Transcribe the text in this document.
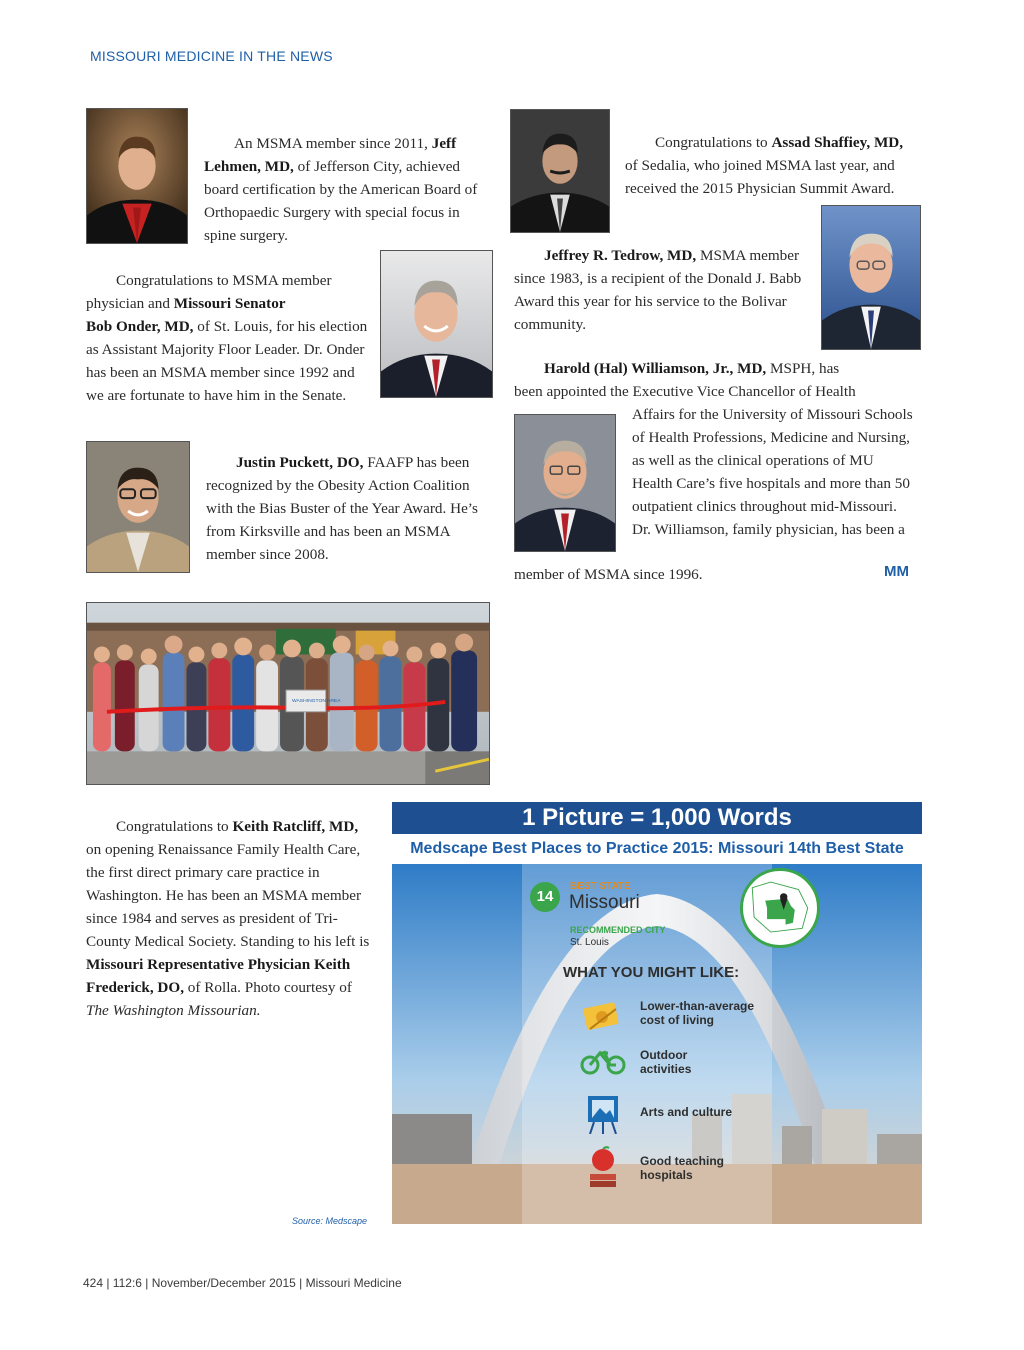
MISSOURI MEDICINE IN THE NEWS
An MSMA member since 2011, Jeff Lehmen, MD, of Jefferson City, achieved board certification by the American Board of Orthopaedic Surgery with special focus in spine surgery.
Congratulations to MSMA member physician and Missouri Senator
Bob Onder, MD, of St. Louis, for his election as Assistant Majority Floor Leader. Dr. Onder has been an MSMA member since 1992 and we are fortunate to have him in the Senate.
Justin Puckett, DO, FAAFP has been recognized by the Obesity Action Coalition with the Bias Buster of the Year Award. He’s from Kirksville and has been an MSMA member since 2008.
Congratulations to Assad Shaffiey, MD, of Sedalia, who joined MSMA last year, and received the 2015 Physician Summit Award.
Jeffrey R. Tedrow, MD, MSMA member since 1983, is a recipient of the Donald J. Babb Award this year for his service to the Bolivar community.
Harold (Hal) Williamson, Jr., MD, MSPH, has
been appointed the Executive Vice Chancellor of Health
Affairs for the University of Missouri Schools of Health Professions, Medicine and Nursing, as well as the clinical operations of MU Health Care’s five hospitals and more than 50 outpatient clinics throughout mid-Missouri. Dr. Williamson, family physician, has been a
member of MSMA since 1996.	MM
WASHINGTON AREA
Congratulations to Keith Ratcliff, MD, on opening Renaissance Family Health Care, the first direct primary care practice in Washington. He has been an MSMA member since 1984 and serves as president of Tri-County Medical Society. Standing to his left is Missouri Representative Physician Keith Frederick, DO, of Rolla. Photo courtesy of The Washington Missourian.
1 Picture = 1,000 Words
Medscape Best Places to Practice 2015: Missouri 14th Best State
14
BEST STATE
Missouri
RECOMMENDED CITY
St. Louis
WHAT YOU MIGHT LIKE:
Lower-than-average
cost of living
Outdoor
activities
Arts and culture
Good teaching
hospitals
Source: Medscape
424 | 112:6 | November/December 2015 | Missouri Medicine
